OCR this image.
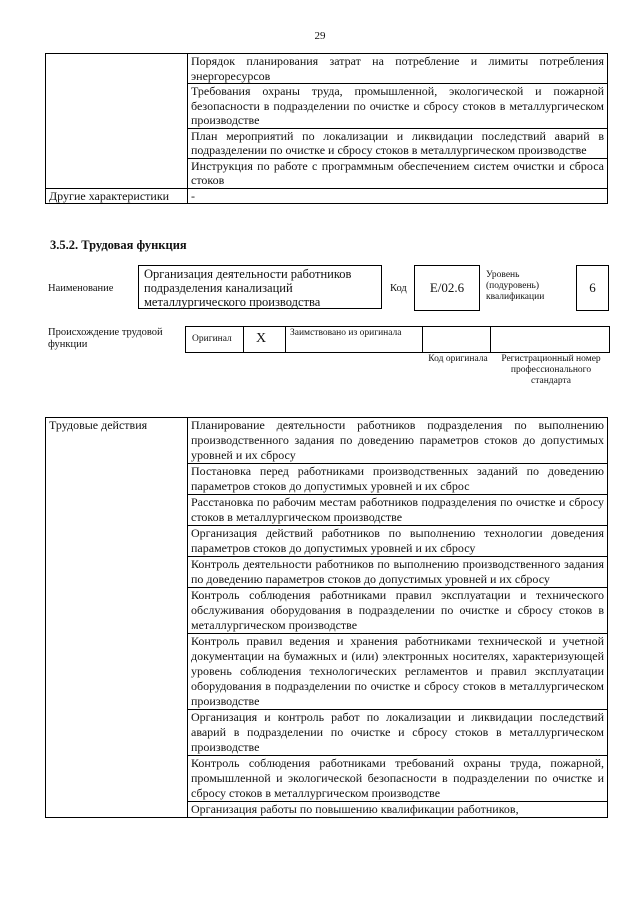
29
	Порядок планирования затрат на потребление и лимиты потребления энергоресурсов
	Требования охраны труда, промышленной, экологической и пожарной безопасности в подразделении по очистке и сбросу стоков в металлургическом производстве
	План мероприятий по локализации и ликвидации последствий аварий в подразделении по очистке и сбросу стоков в металлургическом производстве
	Инструкция по работе с программным обеспечением систем очистки и сброса стоков
Другие характеристики	-
3.5.2. Трудовая функция
Наименование
Организация деятельности работников подразделения канализаций металлургического производства
Код	E/02.6
Уровень (подуровень) квалификации
6
Происхождение трудовой функции	Оригинал X	Заимствовано из оригинала
Код оригинала	Регистрационный номер профессионального стандарта
Трудовые действия	Планирование деятельности работников подразделения по выполнению производственного задания по доведению параметров стоков до допустимых уровней и их сбросу
Постановка перед работниками производственных заданий по доведению параметров стоков до допустимых уровней и их сброс
Расстановка по рабочим местам работников подразделения по очистке и сбросу стоков в металлургическом производстве
Организация действий работников по выполнению технологии доведения параметров стоков до допустимых уровней и их сбросу
Контроль деятельности работников по выполнению производственного задания по доведению параметров стоков до допустимых уровней и их сбросу
Контроль соблюдения работниками правил эксплуатации и технического обслуживания оборудования в подразделении по очистке и сбросу стоков в металлургическом производстве
Контроль правил ведения и хранения работниками технической и учетной документации на бумажных и (или) электронных носителях, характеризующей уровень соблюдения технологических регламентов и правил эксплуатации оборудования в подразделении по очистке и сбросу стоков в металлургическом производстве
Организация и контроль работ по локализации и ликвидации последствий аварий в подразделении по очистке и сбросу стоков в металлургическом производстве
Контроль соблюдения работниками требований охраны труда, пожарной, промышленной и экологической безопасности в подразделении по очистке и сбросу стоков в металлургическом производстве
Организация работы по повышению квалификации работников,
